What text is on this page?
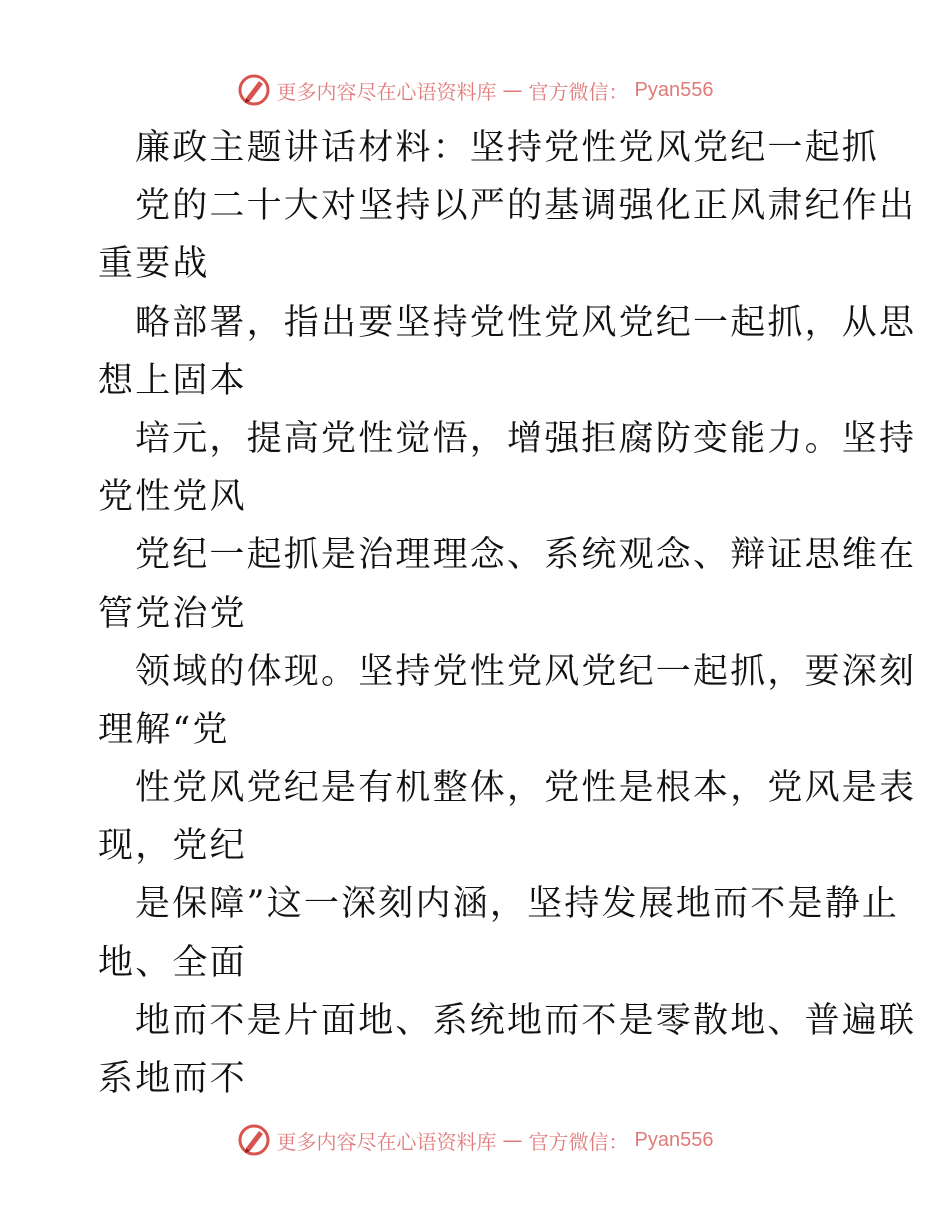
更多内容尽在心语资料库 — 官方微信： Pyan556
廉政主题讲话材料：坚持党性党风党纪一起抓
党的二十大对坚持以严的基调强化正风肃纪作出
重要战
略部署，指出要坚持党性党风党纪一起抓，从思
想上固本
培元，提高党性觉悟，增强拒腐防变能力。坚持
党性党风
党纪一起抓是治理理念、系统观念、辩证思维在
管党治党
领域的体现。坚持党性党风党纪一起抓，要深刻
理解“党
性党风党纪是有机整体，党性是根本，党风是表
现，党纪
是保障”这一深刻内涵，坚持发展地而不是静止
地、全面
地而不是片面地、系统地而不是零散地、普遍联
系地而不
更多内容尽在心语资料库 — 官方微信： Pyan556
